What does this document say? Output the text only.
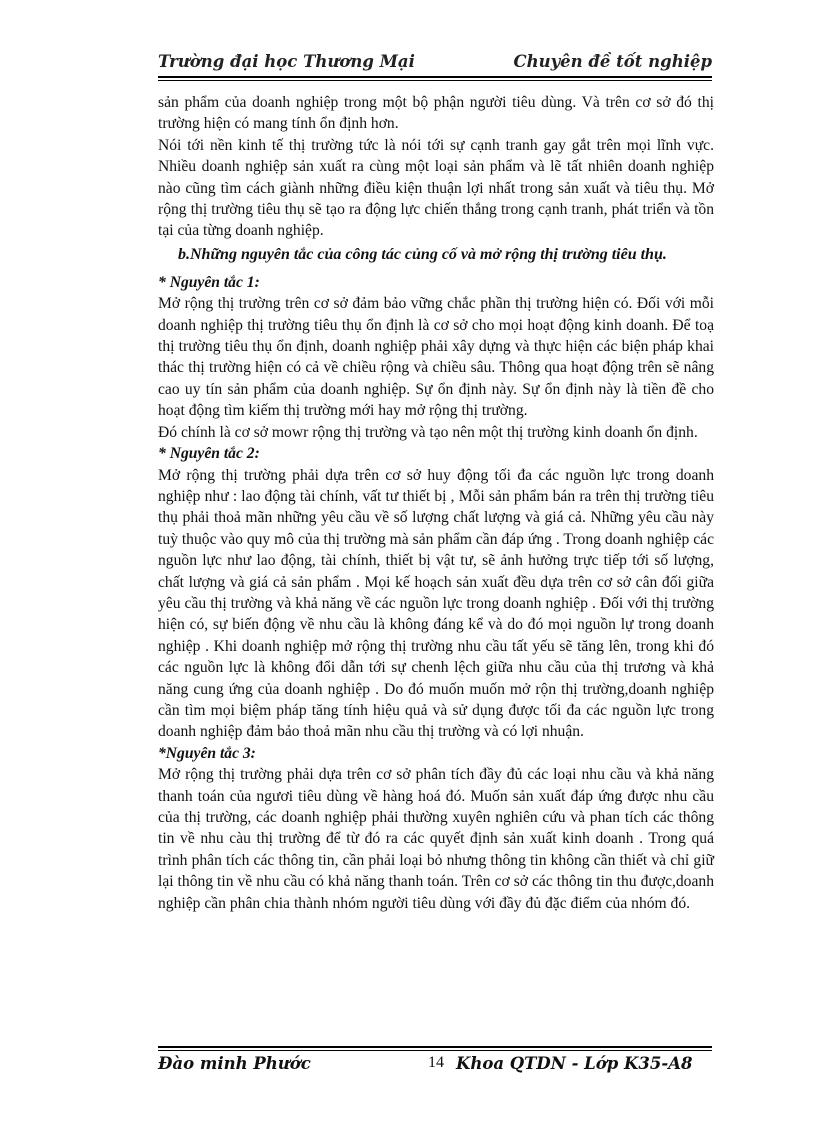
Trường đại học Thương Mại	Chuyên đề tốt nghiệp

sản phẩm của doanh nghiệp trong một bộ phận người tiêu dùng. Và trên cơ sở đó thị trường hiện có mang tính ổn định hơn.

Nói tới nền kinh tế thị trường tức là nói tới sự cạnh tranh gay gắt trên mọi lĩnh vực. Nhiều doanh nghiệp sản xuất ra cùng một loại sản phẩm và lẽ tất nhiên doanh nghiệp nào cũng tìm cách giành những điều kiện thuận lợi nhất trong sản xuất và tiêu thụ. Mở rộng thị trường tiêu thụ sẽ tạo ra động lực chiến thắng trong cạnh tranh, phát triển và tồn tại của từng doanh nghiệp.

b.Những nguyên tắc của công tác củng cố và mở rộng thị trường tiêu thụ.

* Nguyên tắc 1:

Mở rộng thị trường trên cơ sở đảm bảo vững chắc phần thị trường hiện có. Đối với mỗi doanh nghiệp thị trường tiêu thụ ổn định là cơ sở cho mọi hoạt động kinh doanh. Để toạ thị trường tiêu thụ ổn định, doanh nghiệp phải xây dựng và thực hiện các biện pháp khai thác thị trường hiện có cả về chiều rộng và chiều sâu. Thông qua hoạt động trên sẽ nâng cao uy tín sản phẩm của doanh nghiệp. Sự ổn định này. Sự ổn định này là tiền đề cho hoạt động tìm kiếm thị trường mới hay mở rộng thị trường.

Đó chính là cơ sở mowr rộng thị trường và tạo nên một thị trường kinh doanh ổn định.

* Nguyên tắc 2:

Mở rộng thị trường phải dựa trên cơ sở huy động tối đa các nguồn lực trong doanh nghiệp như : lao động tài chính, vất tư thiết bị , Mỗi sản phẩm bán ra trên thị trường tiêu thụ phải thoả mãn những yêu cầu về số lượng chất lượng và giá cả. Những yêu cầu này tuỳ thuộc vào quy mô của thị trường mà sản phẩm cần đáp ứng . Trong doanh nghiệp các nguồn lực như lao động, tài chính, thiết bị vật tư, sẽ ảnh hưởng trực tiếp tới số lượng, chất lượng và giá cả sản phẩm . Mọi kế hoạch sản xuất đều dựa trên cơ sở cân đối giữa yêu cầu thị trường và khả năng về các nguồn lực trong doanh nghiệp . Đối với thị trường hiện có, sự biến động về nhu cầu là không đáng kể và do đó mọi nguồn lự trong doanh nghiệp . Khi doanh nghiệp mở rộng thị trường nhu cầu tất yếu sẽ tăng lên, trong khi đó các nguồn lực là không đổi dẫn tới sự chenh lệch giữa nhu cầu của thị trương và khả năng cung ứng của doanh nghiệp . Do đó muốn muốn mở rộn thị trường,doanh nghiệp cần tìm mọi biệm pháp tăng tính hiệu quả và sử dụng được tối đa các nguồn lực trong doanh nghiệp đảm bảo thoả mãn nhu cầu thị trường và có lợi nhuận.

*Nguyên tắc 3:

Mở rộng thị trường phải dựa trên cơ sở phân tích đầy đủ các loại nhu cầu và khả năng thanh toán của ngươi tiêu dùng về hàng hoá đó. Muốn sản xuất đáp ứng được nhu cầu của thị trường, các doanh nghiệp phải thường xuyên nghiên cứu và phan tích các thông tin về nhu càu thị trường để từ đó ra các quyết định sản xuất kinh doanh . Trong quá trình phân tích các thông tin, cần phải loại bỏ nhưng thông tin không cần thiết và chỉ giữ lại thông tin về nhu cầu có khả năng thanh toán. Trên cơ sở các thông tin thu được,doanh nghiệp cần phân chia thành nhóm người tiêu dùng với đầy đủ đặc điểm của nhóm đó.

Đào minh Phước	14 Khoa QTDN - Lớp K35-A8
